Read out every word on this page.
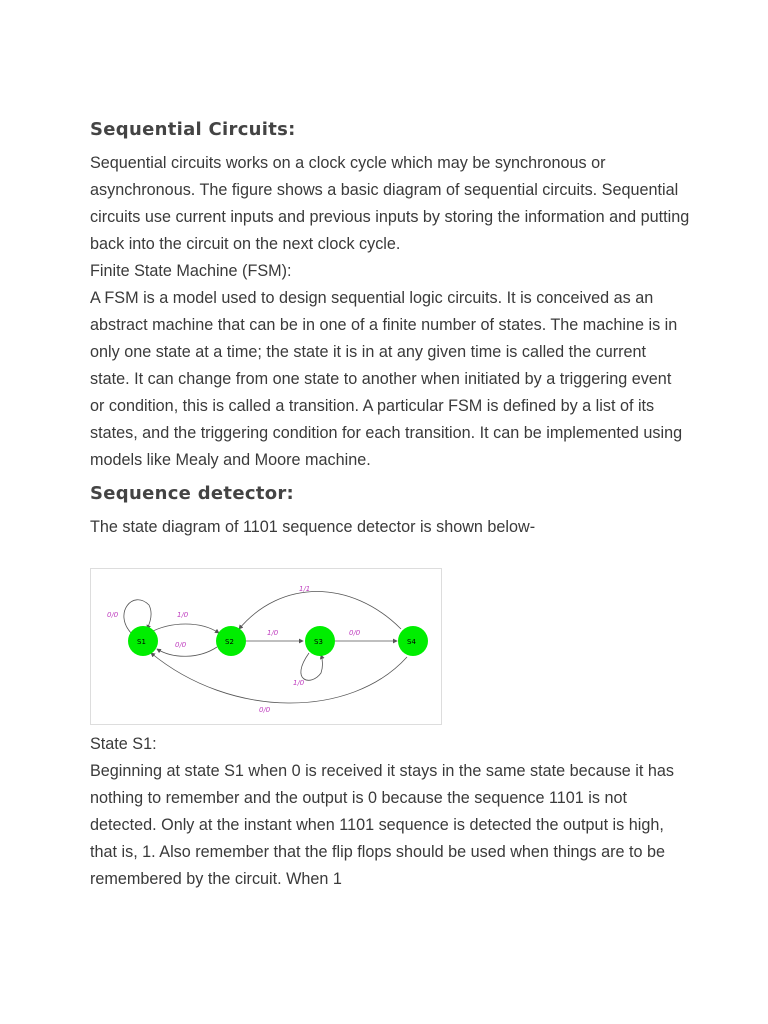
Sequential Circuits:

Sequential circuits works on a clock cycle which may be synchronous or asynchronous. The figure shows a basic diagram of sequential circuits. Sequential circuits use current inputs and previous inputs by storing the information and putting back into the circuit on the next clock cycle.

Finite State Machine (FSM):

A FSM is a model used to design sequential logic circuits. It is conceived as an abstract machine that can be in one of a finite number of states. The machine is in only one state at a time; the state it is in at any given time is called the current state. It can change from one state to another when initiated by a triggering event or condition, this is called a transition. A particular FSM is defined by a list of its states, and the triggering condition for each transition. It can be implemented using models like Mealy and Moore machine.

Sequence detector:

The state diagram of 1101 sequence detector is shown below-

0/0	1/0
0/0
1/0	0/0
1/0
1/1
0/0
S1	S2	S3	S4

State S1:

Beginning at state S1 when 0 is received it stays in the same state because it has nothing to remember and the output is 0 because the sequence 1101 is not detected. Only at the instant when 1101 sequence is detected the output is high, that is, 1. Also remember that the flip flops should be used when things are to be remembered by the circuit. When 1
